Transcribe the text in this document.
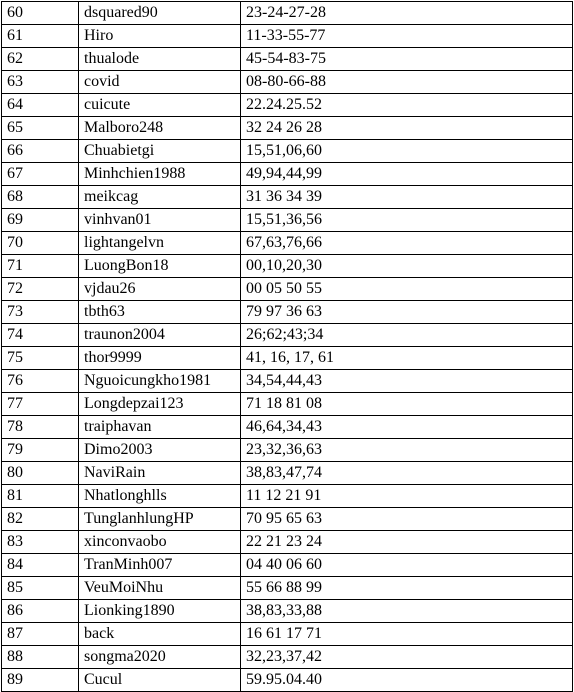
60	dsquared90	23-24-27-28
61	Hiro	11-33-55-77
62	thualode	45-54-83-75
63	covid	08-80-66-88
64	cuicute	22.24.25.52
65	Malboro248	32 24 26 28
66	Chuabietgi	15,51,06,60
67	Minhchien1988	49,94,44,99
68	meikcag	31 36 34 39
69	vinhvan01	15,51,36,56
70	lightangelvn	67,63,76,66
71	LuongBon18	00,10,20,30
72	vjdau26	00 05 50 55
73	tbth63	79 97 36 63
74	traunon2004	26;62;43;34
75	thor9999	41, 16, 17, 61
76	Nguoicungkho1981	34,54,44,43
77	Longdepzai123	71 18 81 08
78	traiphavan	46,64,34,43
79	Dimo2003	23,32,36,63
80	NaviRain	38,83,47,74
81	Nhatlonghlls	11 12 21 91
82	TunglanhlungHP	70 95 65 63
83	xinconvaobo	22 21 23 24
84	TranMinh007	04 40 06 60
85	VeuMoiNhu	55 66 88 99
86	Lionking1890	38,83,33,88
87	back	16 61 17 71
88	songma2020	32,23,37,42
89	Cucul	59.95.04.40
